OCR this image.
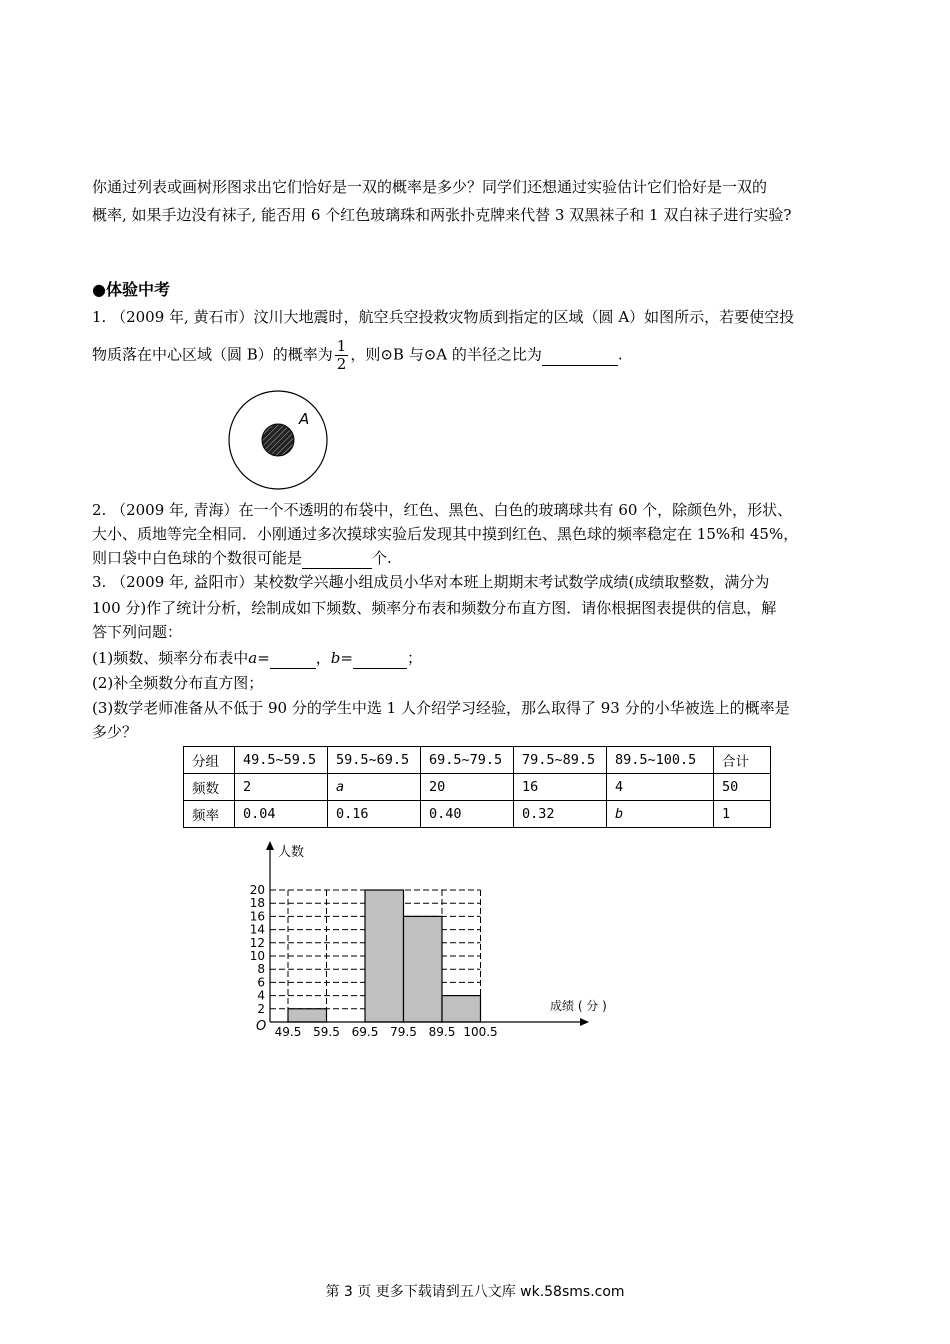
你通过列表或画树形图求出它们恰好是一双的概率是多少？同学们还想通过实验估计它们恰好是一双的
概率, 如果手边没有袜子, 能否用 6 个红色玻璃珠和两张扑克牌来代替 3 双黑袜子和 1 双白袜子进行实验?
●体验中考
1. （2009 年, 黄石市）汶川大地震时，航空兵空投救灾物质到指定的区域（圆 A）如图所示，若要使空投
物质落在中心区域（圆 B）的概率为 $\frac{1}{2}$ ，则⊙B 与⊙A 的半径之比为	.
A
2. （2009 年, 青海）在一个不透明的布袋中，红色、黑色、白色的玻璃球共有 60 个，除颜色外，形状、
大小、质地等完全相同．小刚通过多次摸球实验后发现其中摸到红色、黑色球的频率稳定在 15%和 45%，
则口袋中白色球的个数很可能是	个.
3. （2009 年, 益阳市）某校数学兴趣小组成员小华对本班上期期末考试数学成绩(成绩取整数，满分为
100 分)作了统计分析，绘制成如下频数、频率分布表和频数分布直方图．请你根据图表提供的信息，解
答下列问题：
(1)频数、频率分布表中a=	，b=	；
(2)补全频数分布直方图；
(3)数学老师准备从不低于 90 分的学生中选 1 人介绍学习经验，那么取得了 93 分的小华被选上的概率是
多少？
分组	49.5~59.5	59.5~69.5	69.5~79.5	79.5~89.5	89.5~100.5	合计
频数	2	a	20	16	4	50
频率	0.04	0.16	0.40	0.32	b	1
2
4
6
8
10
12
14
16
18
20
49.5 59.5 69.5 79.5 89.5 100.5
人数
成绩 ( 分 )
O
第 3 页 更多下载请到五八文库 wk.58sms.com
